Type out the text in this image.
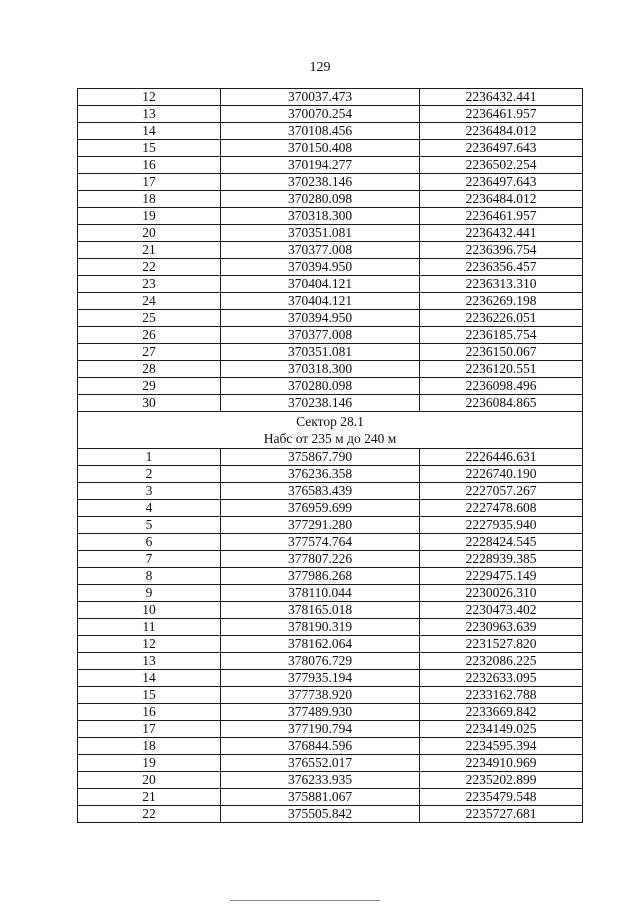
129
12	370037.473	2236432.441
13	370070.254	2236461.957
14	370108.456	2236484.012
15	370150.408	2236497.643
16	370194.277	2236502.254
17	370238.146	2236497.643
18	370280.098	2236484.012
19	370318.300	2236461.957
20	370351.081	2236432.441
21	370377.008	2236396.754
22	370394.950	2236356.457
23	370404.121	2236313.310
24	370404.121	2236269.198
25	370394.950	2236226.051
26	370377.008	2236185.754
27	370351.081	2236150.067
28	370318.300	2236120.551
29	370280.098	2236098.496
30	370238.146	2236084.865

Сектор 28.1
Набс от 235 м до 240 м		

1	375867.790	2226446.631
2	376236.358	2226740.190
3	376583.439	2227057.267
4	376959.699	2227478.608
5	377291.280	2227935.940
6	377574.764	2228424.545
7	377807.226	2228939.385
8	377986.268	2229475.149
9	378110.044	2230026.310
10	378165.018	2230473.402
11	378190.319	2230963.639
12	378162.064	2231527.820
13	378076.729	2232086.225
14	377935.194	2232633.095
15	377738.920	2233162.788
16	377489.930	2233669.842
17	377190.794	2234149.025
18	376844.596	2234595.394
19	376552.017	2234910.969
20	376233.935	2235202.899
21	375881.067	2235479.548
22	375505.842	2235727.681
